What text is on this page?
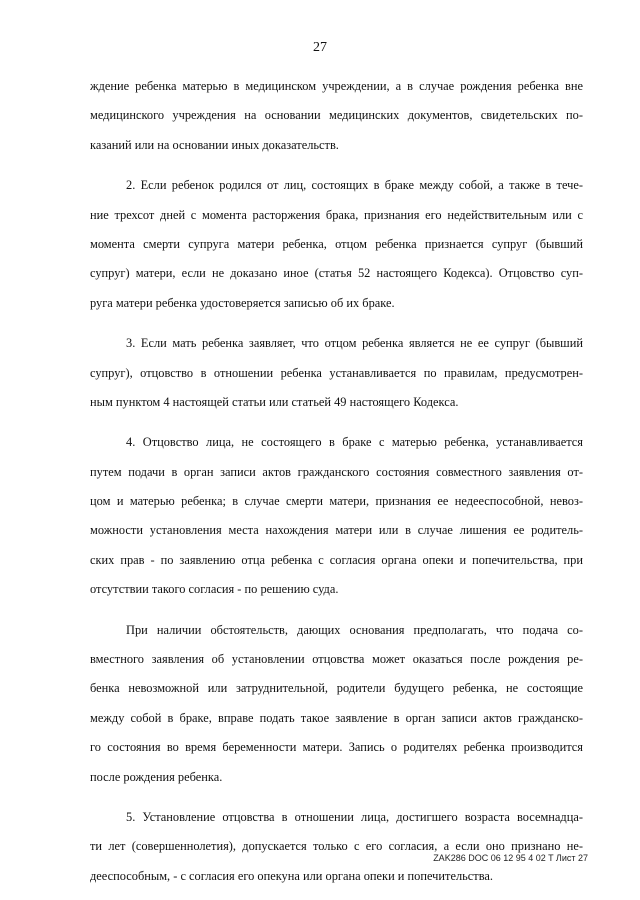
27
ждение ребенка матерью в медицинском учреждении, а в случае рождения ребенка вне
медицинского учреждения на основании медицинских документов, свидетельских по-
казаний или на основании иных доказательств.
2. Если ребенок родился от лиц, состоящих в браке между собой, а также в тече-
ние трехсот дней с момента расторжения брака, признания его недействительным или с
момента смерти супруга матери ребенка, отцом ребенка признается супруг (бывший
супруг) матери, если не доказано иное (статья 52 настоящего Кодекса). Отцовство суп-
руга матери ребенка удостоверяется записью об их браке.
3. Если мать ребенка заявляет, что отцом ребенка является не ее супруг (бывший
супруг), отцовство в отношении ребенка устанавливается по правилам, предусмотрен-
ным пунктом 4 настоящей статьи или статьей 49 настоящего Кодекса.
4. Отцовство лица, не состоящего в браке с матерью ребенка, устанавливается
путем подачи в орган записи актов гражданского состояния совместного заявления от-
цом и матерью ребенка; в случае смерти матери, признания ее недееспособной, невоз-
можности установления места нахождения матери или в случае лишения ее родитель-
ских прав - по заявлению отца ребенка с согласия органа опеки и попечительства, при
отсутствии такого согласия - по решению суда.
При наличии обстоятельств, дающих основания предполагать, что подача со-
вместного заявления об установлении отцовства может оказаться после рождения ре-
бенка невозможной или затруднительной, родители будущего ребенка, не состоящие
между собой в браке, вправе подать такое заявление в орган записи актов гражданско-
го состояния во время беременности матери. Запись о родителях ребенка производится
после рождения ребенка.
5. Установление отцовства в отношении лица, достигшего возраста восемнадца-
ти лет (совершеннолетия), допускается только с его согласия, а если оно признано не-
дееспособным, - с согласия его опекуна или органа опеки и попечительства.
ZAK286 DOC 06 12 95 4 02 T Лист 27
